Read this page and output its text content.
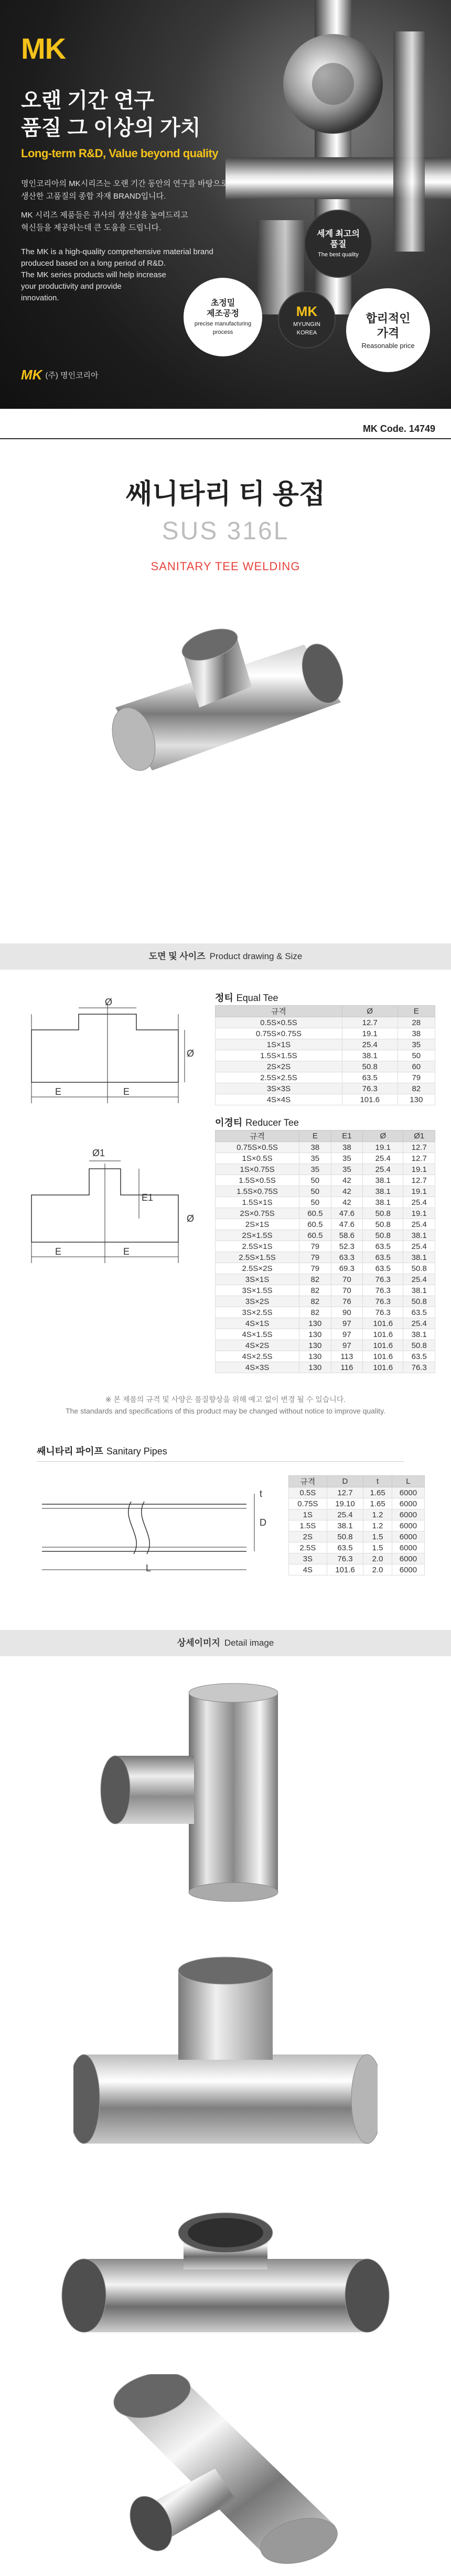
MK
오랜 기간 연구
품질 그 이상의 가치
Long-term R&D, Value beyond quality
명인코리아의 MK시리즈는 오랜 기간 동안의 연구를 바탕으로
생산한 고품질의 종합 자재 BRAND입니다.
MK 시리즈 제품들은 귀사의 생산성을 높여드리고
혁신들을 제공하는데 큰 도움을 드립니다.
The MK is a high-quality comprehensive material brand
produced based on a long period of R&D.
The MK series products will help increase
your productivity and provide
innovation.
세계 최고의
품질
The best quality
초정밀
제조공정
precise manufacturing
process
MK
MYUNGIN
KOREA
합리적인
가격
Reasonable price
MK (주) 명인코리아
MK Code. 14749
쌔니타리 티 용접
SUS 316L
SANITARY TEE WELDING
도면 및 사이즈 Product drawing & Size
Ø
E	E
Ø
정티 Equal Tee
규격	Ø	E
0.5S×0.5S	12.7	28
0.75S×0.75S	19.1	38
1S×1S	25.4	35
1.5S×1.5S	38.1	50
2S×2S	50.8	60
2.5S×2.5S	63.5	79
3S×3S	76.3	82
4S×4S	101.6	130
Ø1
E1
E	E
Ø
이경티 Reducer Tee
규격	E	E1	Ø	Ø1
0.75S×0.5S	38	38	19.1	12.7
1S×0.5S	35	35	25.4	12.7
1S×0.75S	35	35	25.4	19.1
1.5S×0.5S	50	42	38.1	12.7
1.5S×0.75S	50	42	38.1	19.1
1.5S×1S	50	42	38.1	25.4
2S×0.75S	60.5	47.6	50.8	19.1
2S×1S	60.5	47.6	50.8	25.4
2S×1.5S	60.5	58.6	50.8	38.1
2.5S×1S	79	52.3	63.5	25.4
2.5S×1.5S	79	63.3	63.5	38.1
2.5S×2S	79	69.3	63.5	50.8
3S×1S	82	70	76.3	25.4
3S×1.5S	82	70	76.3	38.1
3S×2S	82	76	76.3	50.8
3S×2.5S	82	90	76.3	63.5
4S×1S	130	97	101.6	25.4
4S×1.5S	130	97	101.6	38.1
4S×2S	130	97	101.6	50.8
4S×2.5S	130	113	101.6	63.5
4S×3S	130	116	101.6	76.3
※ 본 제품의 규격 및 사양은 품질향상을 위해 예고 없이 변경 될 수 있습니다.
The standards and specifications of this product may be changed without notice to improve quality.
쌔니타리 파이프 Sanitary Pipes
L
D
t
규격	D	t	L
0.5S	12.7	1.65	6000
0.75S	19.10	1.65	6000
1S	25.4	1.2	6000
1.5S	38.1	1.2	6000
2S	50.8	1.5	6000
2.5S	63.5	1.5	6000
3S	76.3	2.0	6000
4S	101.6	2.0	6000
상세이미지 Detail image
